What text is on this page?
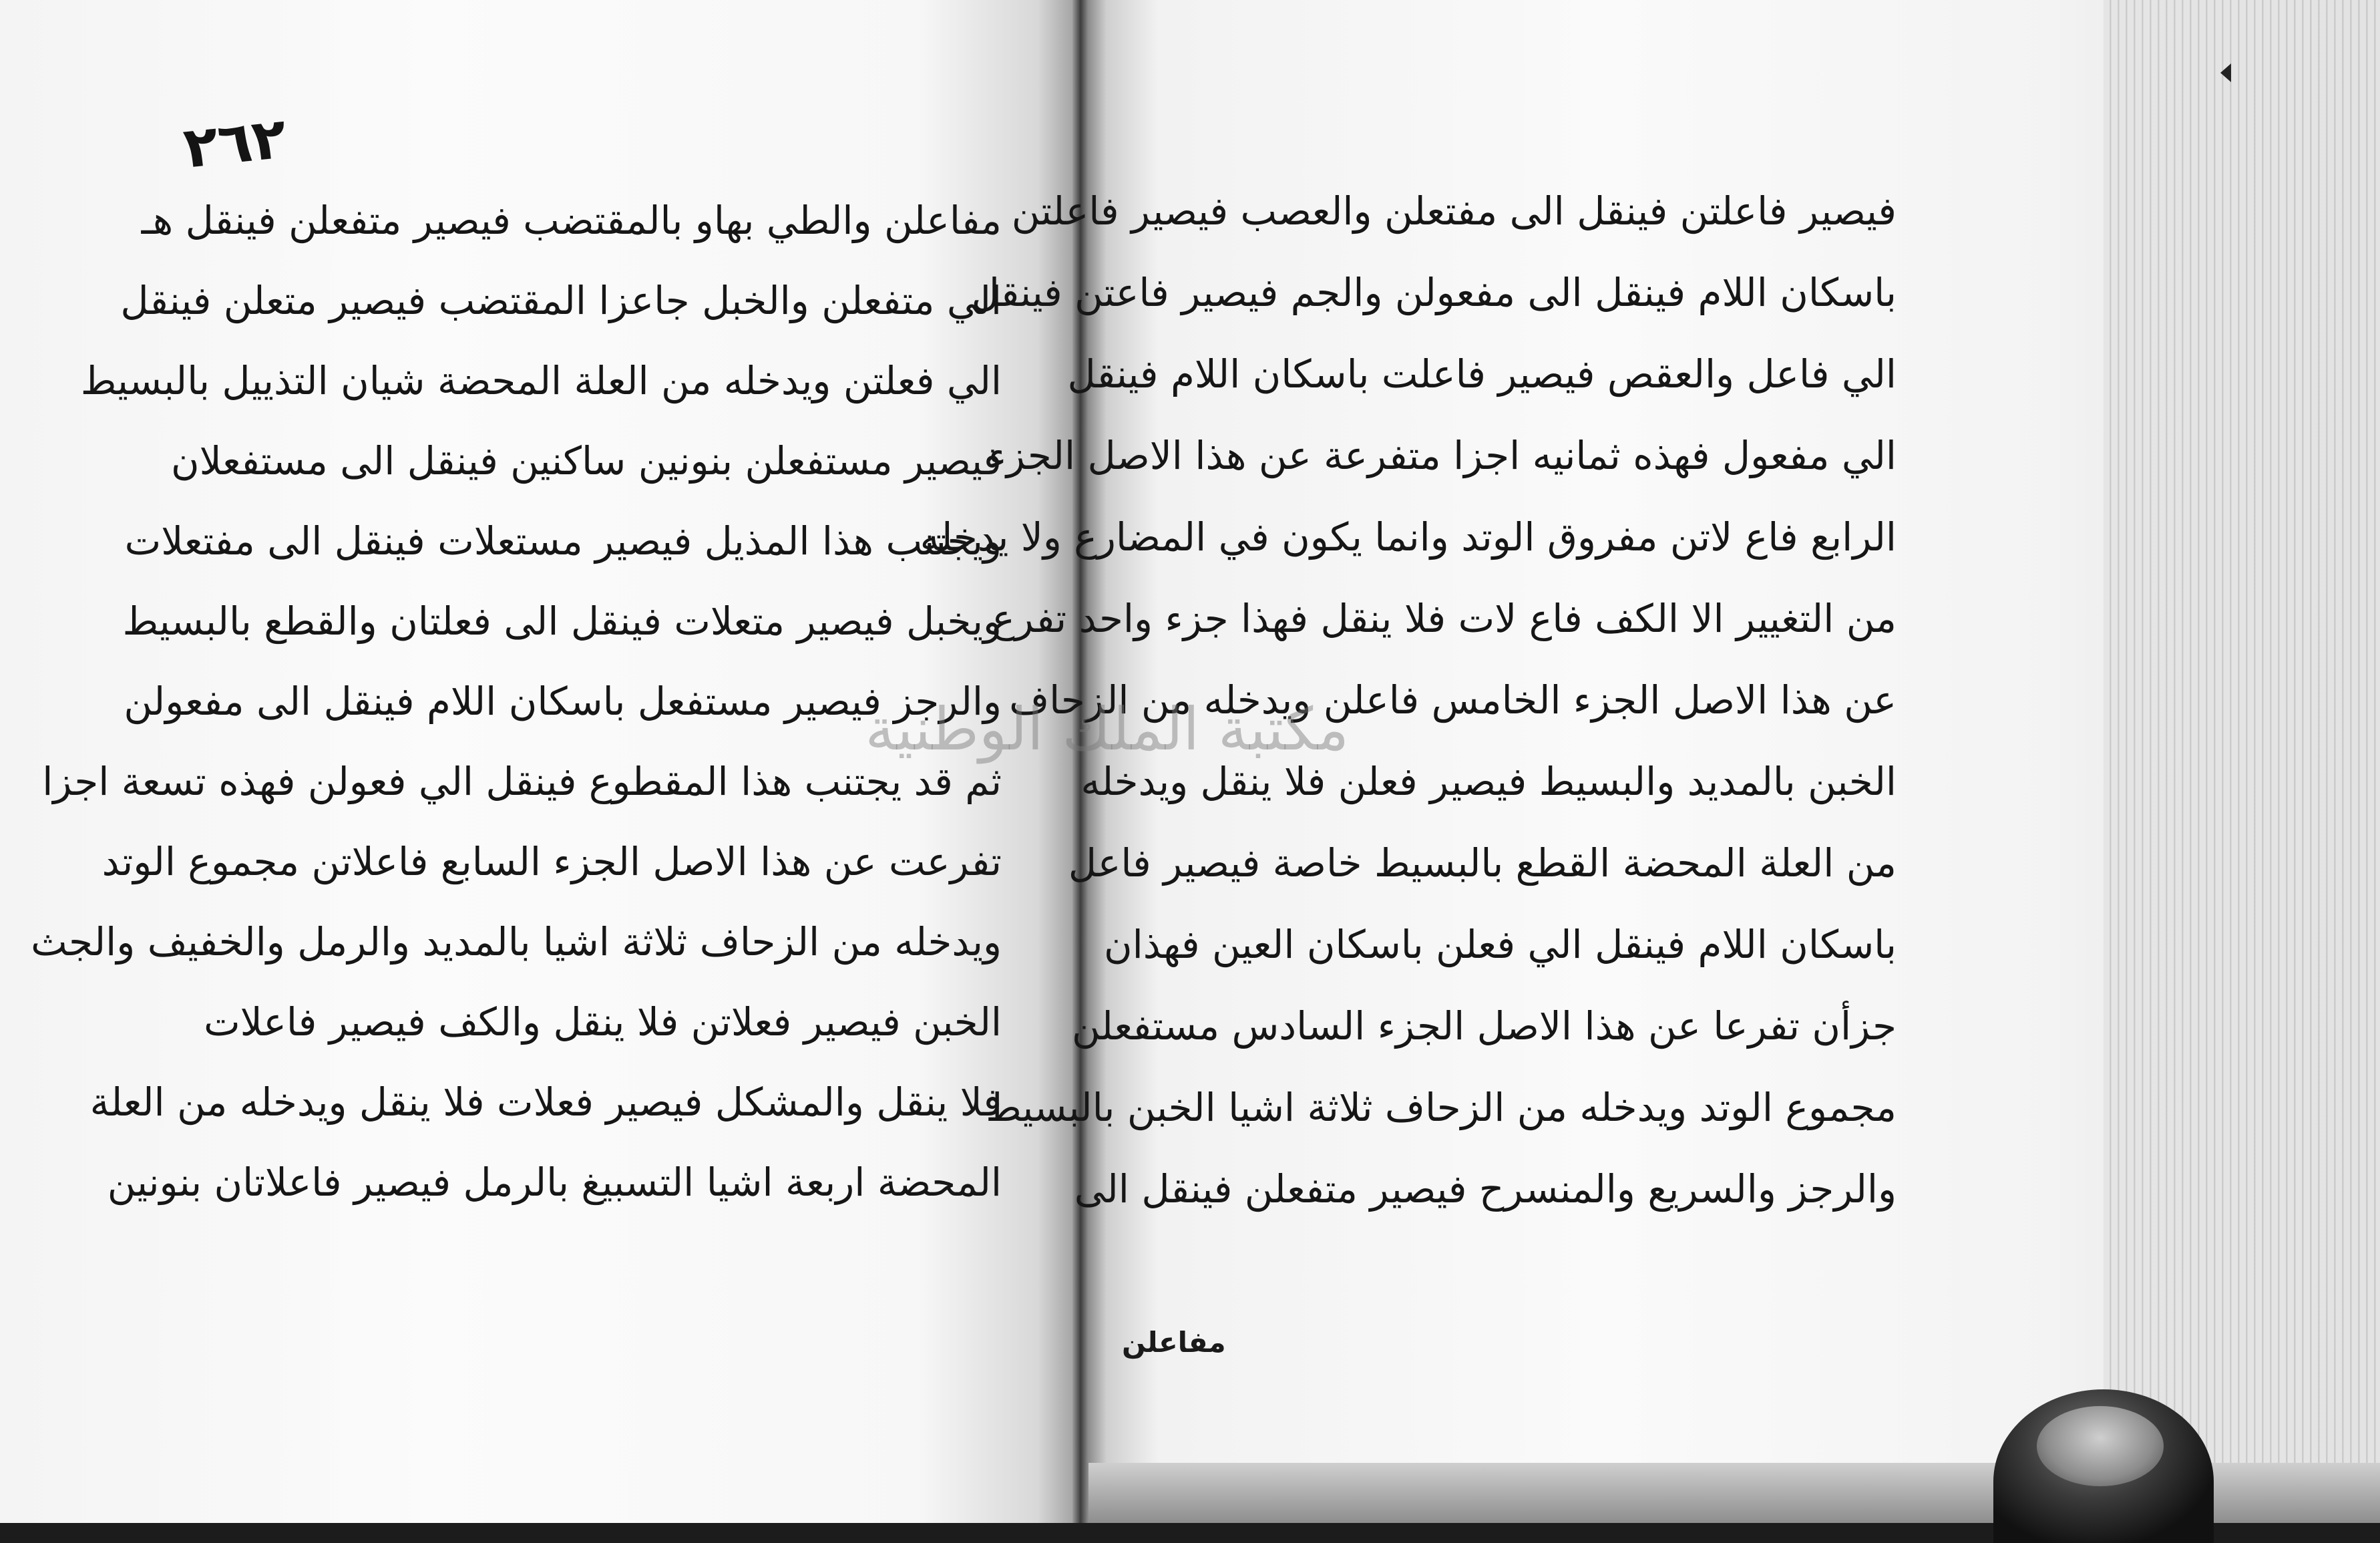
٢٦٢
مفاعلن والطي بهاو بالمقتضب فيصير متفعلن فينقل هـ
الي متفعلن والخبل جاعزا المقتضب فيصير متعلن فينقل
الي فعلتن ويدخله من العلة المحضة شيان التذييل بالبسيط
فيصير مستفعلن بنونين ساكنين فينقل الى مستفعلان
ويجتنب هذا المذيل فيصير مستعلات فينقل الى مفتعلات
ويخبل فيصير متعلات فينقل الى فعلتان والقطع بالبسيط
والرجز فيصير مستفعل باسكان اللام فينقل الى مفعولن
ثم قد يجتنب هذا المقطوع فينقل الي فعولن فهذه تسعة اجزا
تفرعت عن هذا الاصل الجزء السابع فاعلاتن مجموع الوتد
ويدخله من الزحاف ثلاثة اشيا بالمديد والرمل والخفيف والجث
الخبن فيصير فعلاتن فلا ينقل والكف فيصير فاعلات
فلا ينقل والمشكل فيصير فعلات فلا ينقل ويدخله من العلة
المحضة اربعة اشيا التسبيغ بالرمل فيصير فاعلاتان بنونين
فيصير فاعلتن فينقل الى مفتعلن والعصب فيصير فاعلتن
باسكان اللام فينقل الى مفعولن والجم فيصير فاعتن فينقل
الي فاعل والعقص فيصير فاعلت باسكان اللام فينقل
الي مفعول فهذه ثمانيه اجزا متفرعة عن هذا الاصل الجزء
الرابع فاع لاتن مفروق الوتد وانما يكون في المضارع ولا يدخله
من التغيير الا الكف فاع لات فلا ينقل فهذا جزء واحد تفرع
عن هذا الاصل الجزء الخامس فاعلن ويدخله من الزحاف
الخبن بالمديد والبسيط فيصير فعلن فلا ينقل ويدخله
من العلة المحضة القطع بالبسيط خاصة فيصير فاعل
باسكان اللام فينقل الي فعلن باسكان العين فهذان
جزأن تفرعا عن هذا الاصل الجزء السادس مستفعلن
مجموع الوتد ويدخله من الزحاف ثلاثة اشيا الخبن بالبسيط
والرجز والسريع والمنسرح فيصير متفعلن فينقل الى
مفاعلن
مكتبة الملك الوطنية
